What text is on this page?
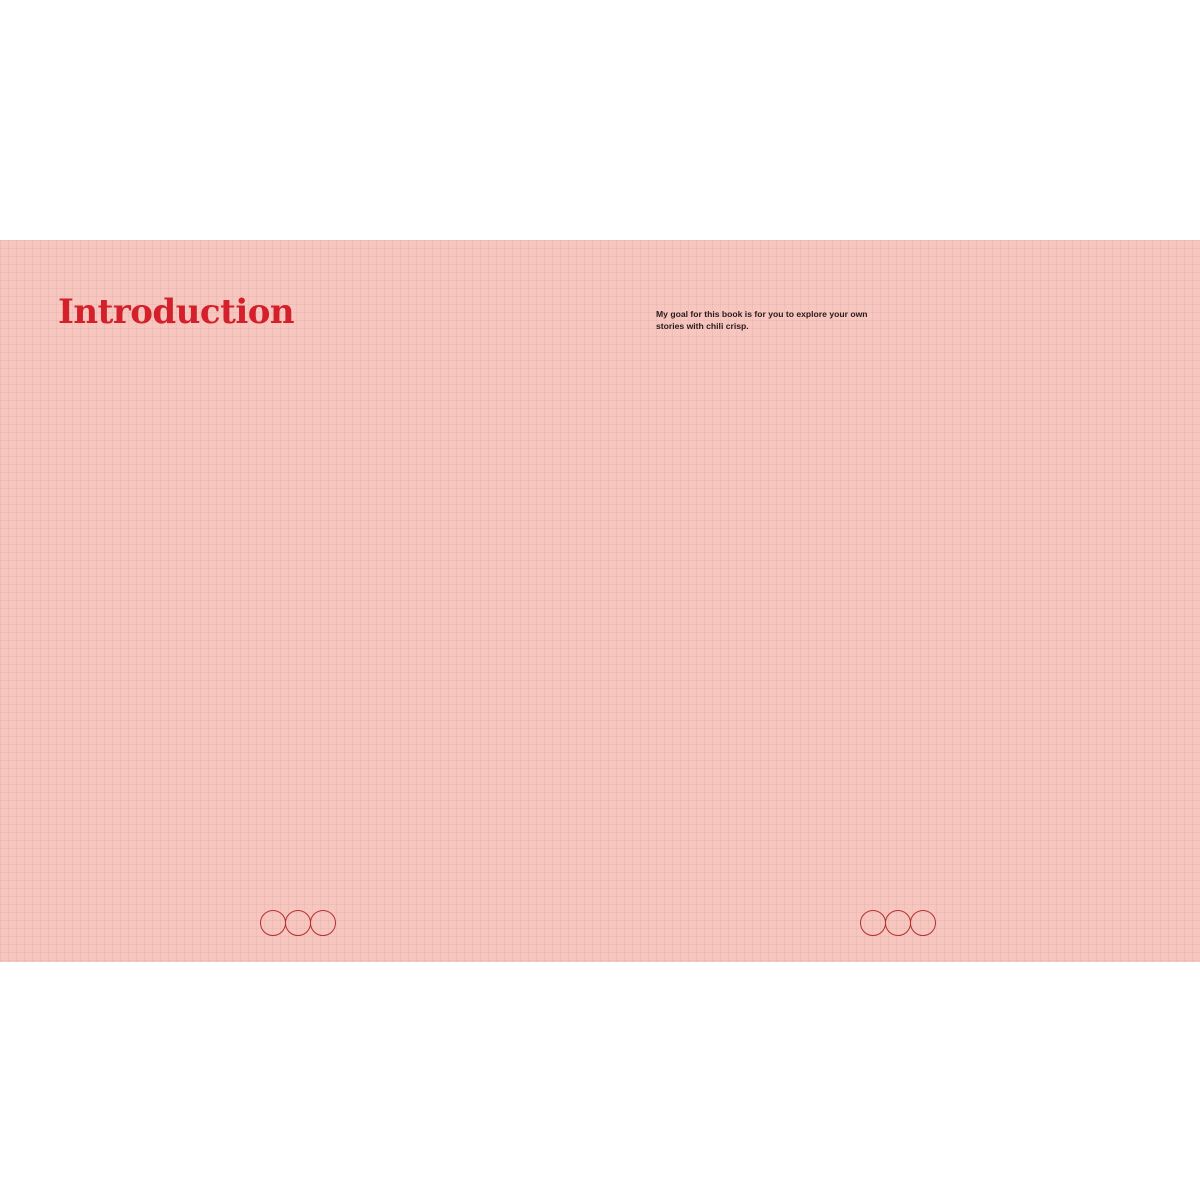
Introduction	My goal for this book is for you to explore your own stories with chili crisp.
